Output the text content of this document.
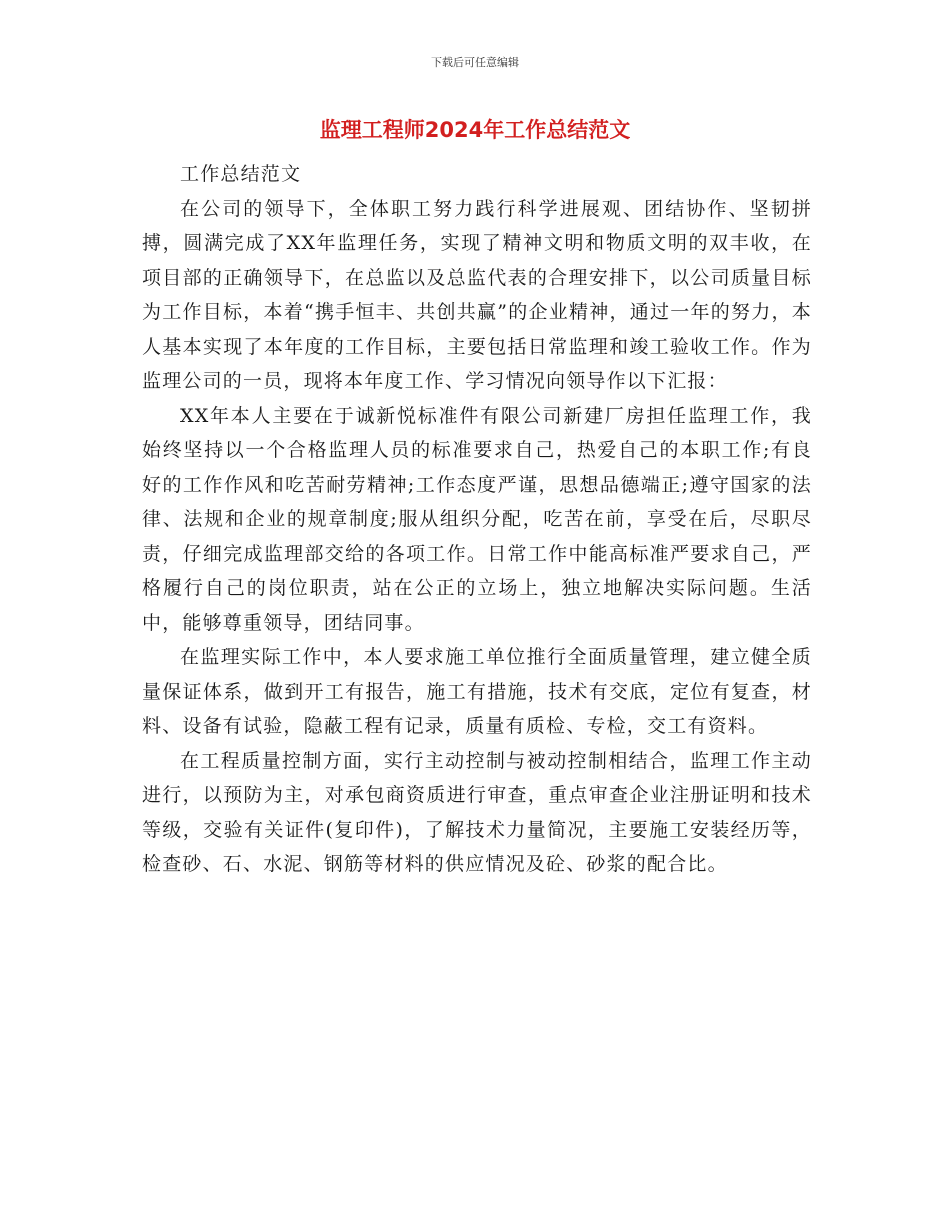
下载后可任意编辑
监理工程师2024年工作总结范文

工作总结范文

在公司的领导下，全体职工努力践行科学进展观、团结协作、坚韧拼搏，圆满完成了XX年监理任务，实现了精神文明和物质文明的双丰收，在项目部的正确领导下，在总监以及总监代表的合理安排下，以公司质量目标为工作目标，本着“携手恒丰、共创共赢”的企业精神，通过一年的努力，本人基本实现了本年度的工作目标，主要包括日常监理和竣工验收工作。作为监理公司的一员，现将本年度工作、学习情况向领导作以下汇报：

XX年本人主要在于诚新悦标准件有限公司新建厂房担任监理工作，我始终坚持以一个合格监理人员的标准要求自己，热爱自己的本职工作;有良好的工作作风和吃苦耐劳精神;工作态度严谨，思想品德端正;遵守国家的法律、法规和企业的规章制度;服从组织分配，吃苦在前，享受在后，尽职尽责，仔细完成监理部交给的各项工作。日常工作中能高标准严要求自己，严格履行自己的岗位职责，站在公正的立场上，独立地解决实际问题。生活中，能够尊重领导，团结同事。

在监理实际工作中，本人要求施工单位推行全面质量管理，建立健全质量保证体系，做到开工有报告，施工有措施，技术有交底，定位有复查，材料、设备有试验，隐蔽工程有记录，质量有质检、专检，交工有资料。

在工程质量控制方面，实行主动控制与被动控制相结合，监理工作主动进行，以预防为主，对承包商资质进行审查，重点审查企业注册证明和技术等级，交验有关证件(复印件)，了解技术力量简况，主要施工安装经历等，检查砂、石、水泥、钢筋等材料的供应情况及砼、砂浆的配合比。
